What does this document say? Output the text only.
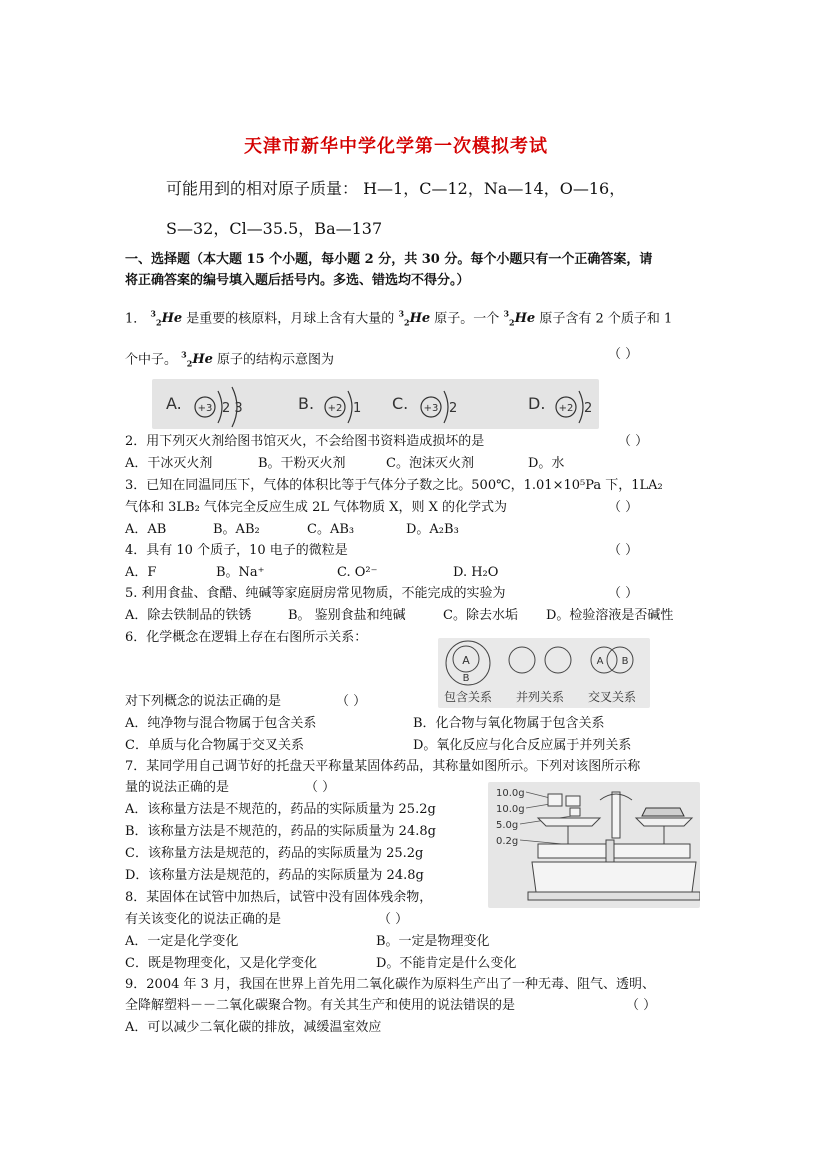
天津市新华中学化学第一次模拟考试
可能用到的相对原子质量： H—1，C—12，Na—14，O—16，
S—32，Cl—35.5，Ba—137
一、选择题（本大题 15 个小题，每小题 2 分，共 30 分。每个小题只有一个正确答案，请
将正确答案的编号填入题后括号内。多选、错选均不得分。）
1． $^3_2$He 是重要的核原料，月球上含有大量的 $^3_2$He 原子。一个 $^3_2$He 原子含有 2 个质子和 1
个中子。 $^3_2$He 原子的结构示意图为	（ ）
A. +3 2 3	B. +2 1 C. +3 2	D. +2 2
2．用下列灭火剂给图书馆灭火，不会给图书资料造成损坏的是	（ ）
A．干冰灭火剂	B。干粉灭火剂	C。泡沫灭火剂	D。水
3．已知在同温同压下，气体的体积比等于气体分子数之比。500℃，1.01×10⁵Pa 下，1LA₂
气体和 3LB₂ 气体完全反应生成 2L 气体物质 X，则 X 的化学式为	（ ）
A．AB	B。AB₂	C。AB₃	D。A₂B₃
4．具有 10 个质子，10 电子的微粒是	（ ）
A．F	B。Na⁺	C. O²⁻	D. H₂O
5. 利用食盐、食醋、纯碱等家庭厨房常见物质，不能完成的实验为	（ ）
A．除去铁制品的铁锈	B。 鉴别食盐和纯碱	C。除去水垢 D。检验溶液是否碱性
6．化学概念在逻辑上存在右图所示关系：
A
B
A B
包含关系 并列关系 交叉关系
对下列概念的说法正确的是	（ ）
A．纯净物与混合物属于包含关系	B．化合物与氧化物属于包含关系
C．单质与化合物属于交叉关系	D。氧化反应与化合反应属于并列关系
7．某同学用自己调节好的托盘天平称量某固体药品，其称量如图所示。下列对该图所示称
量的说法正确的是	（ ）
A．该称量方法是不规范的，药品的实际质量为 25.2g
B．该称量方法是不规范的，药品的实际质量为 24.8g
C．该称量方法是规范的，药品的实际质量为 25.2g
D．该称量方法是规范的，药品的实际质量为 24.8g
10.0g
10.0g
5.0g
0.2g
8．某固体在试管中加热后，试管中没有固体残余物，
有关该变化的说法正确的是	（ ）
A．一定是化学变化	B。一定是物理变化
C．既是物理变化，又是化学变化	D。不能肯定是什么变化
9．2004 年 3 月，我国在世界上首先用二氧化碳作为原料生产出了一种无毒、阻气、透明、
全降解塑料－－二氧化碳聚合物。有关其生产和使用的说法错误的是	（ ）
A．可以减少二氧化碳的排放，减缓温室效应
